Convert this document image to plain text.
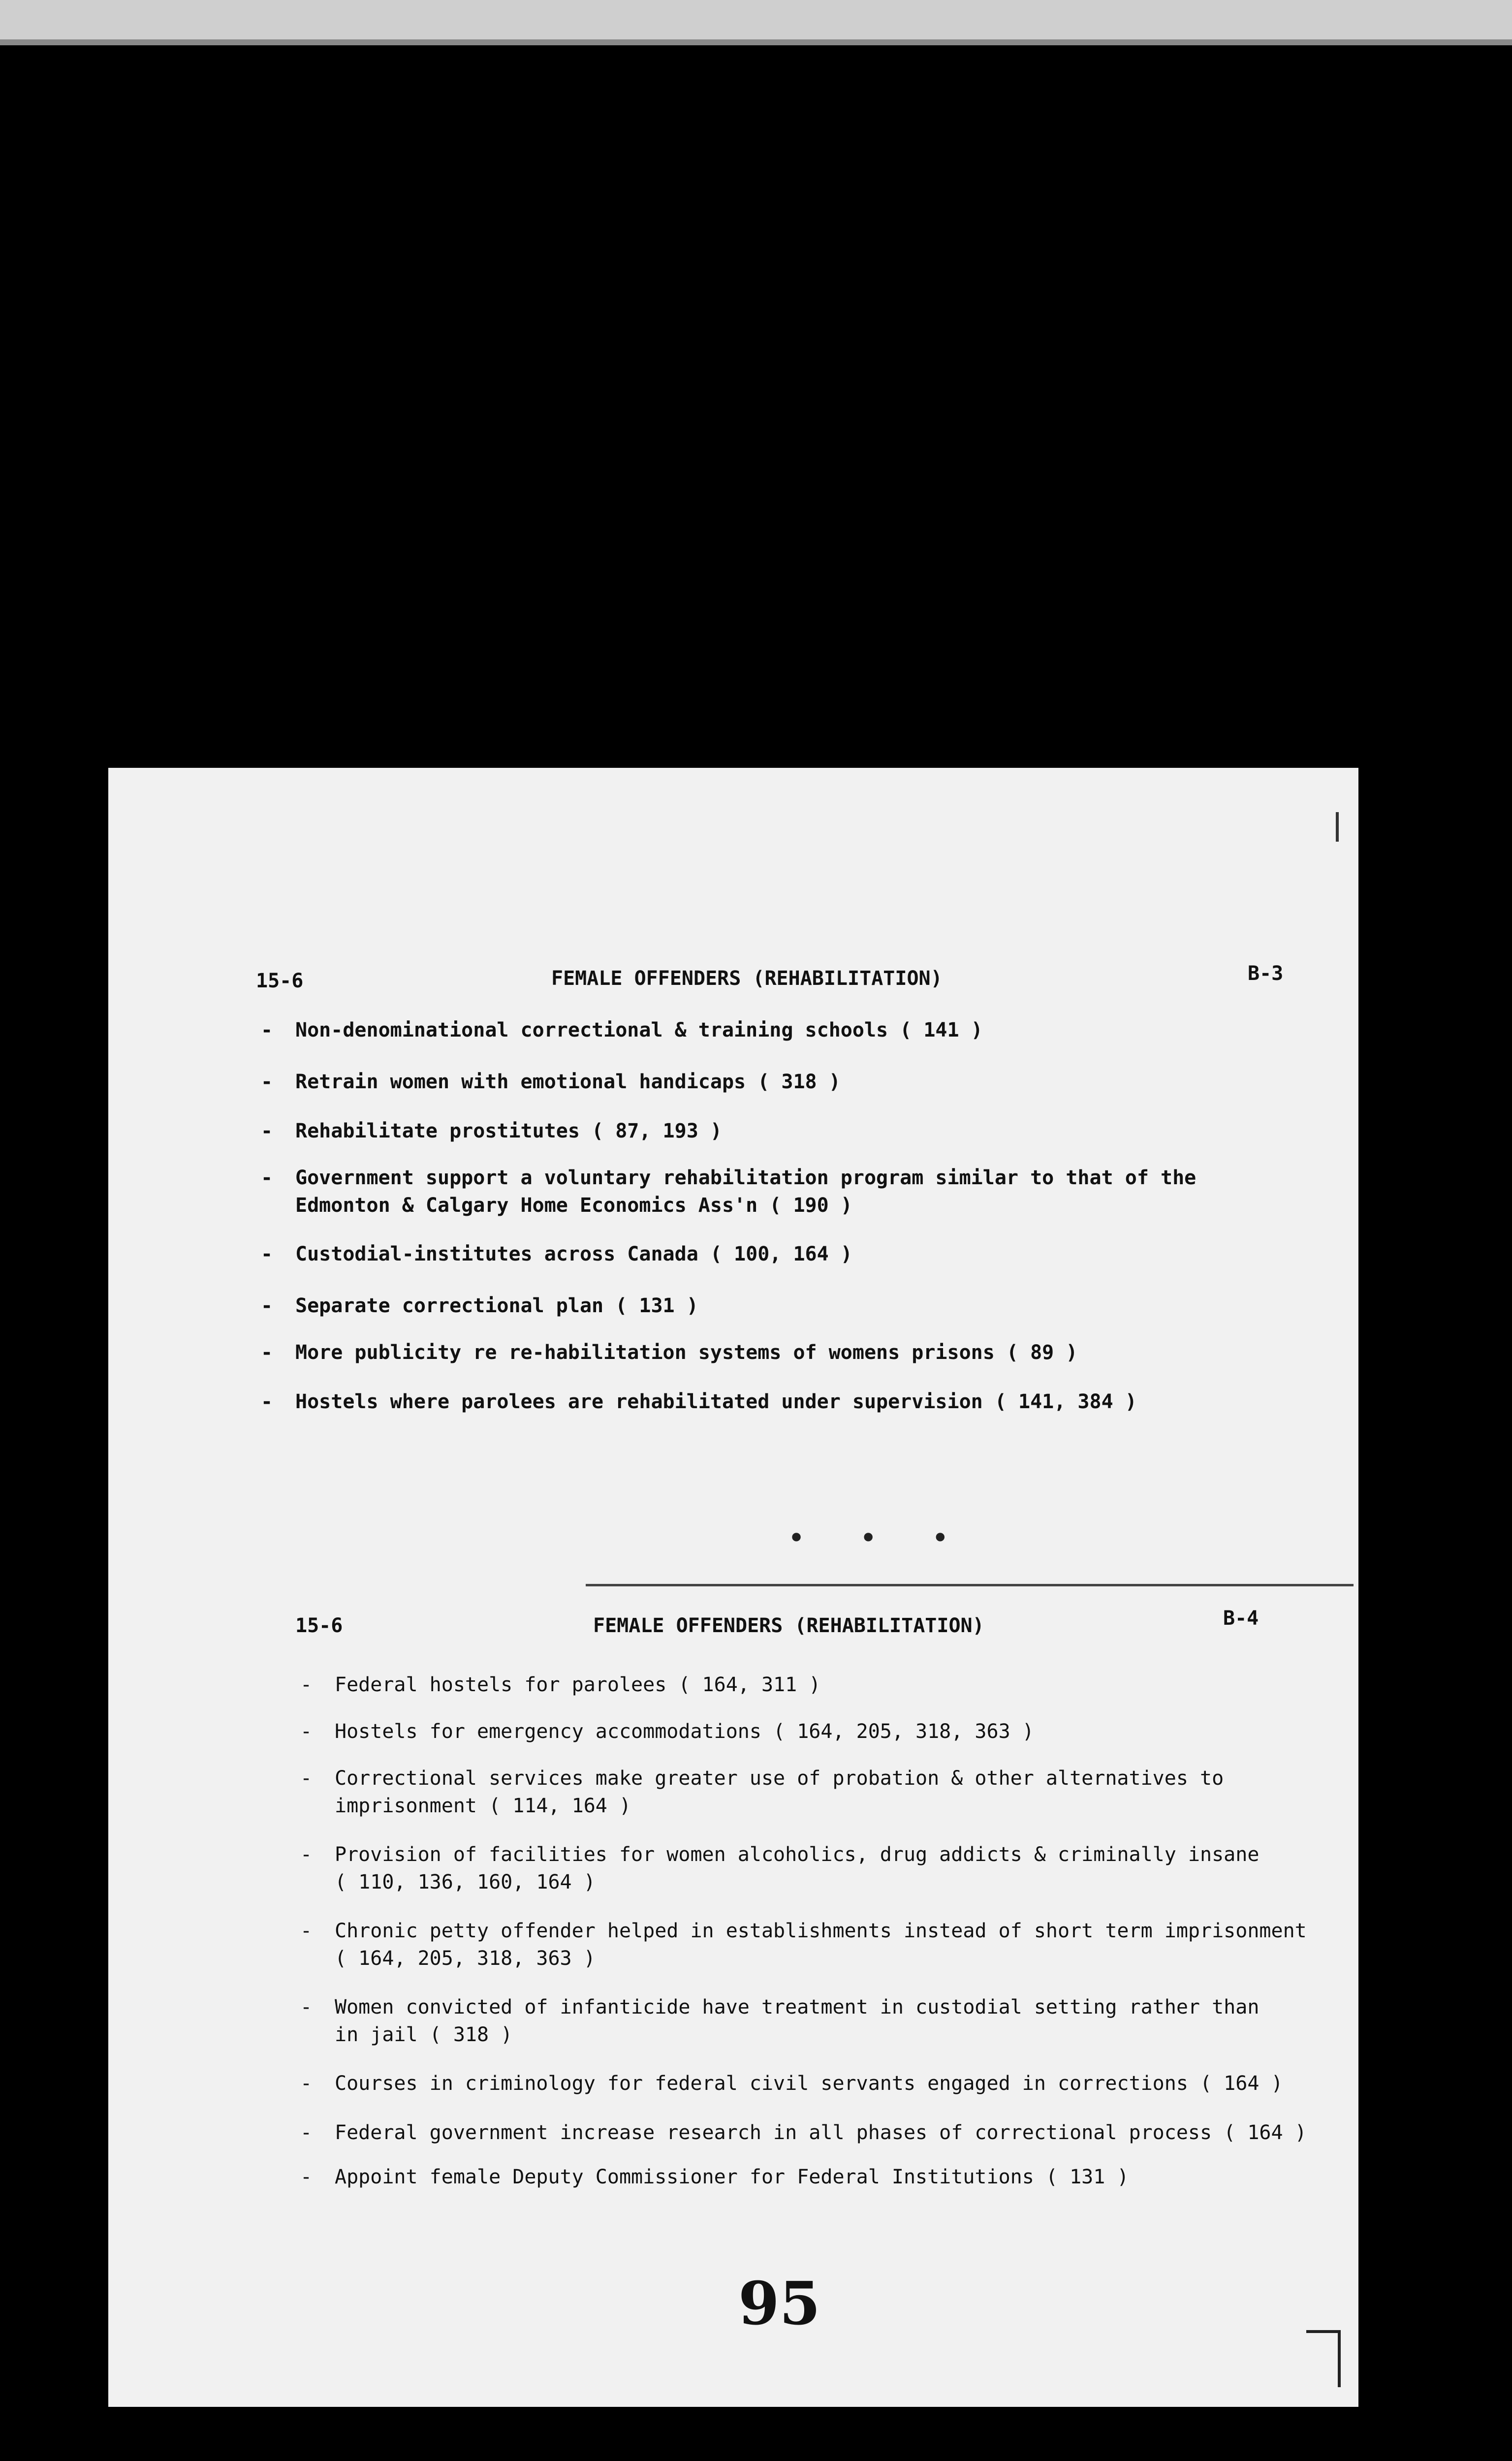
15-6	FEMALE OFFENDERS (REHABILITATION)	B-3
- Non-denominational correctional & training schools ( 141 )
- Retrain women with emotional handicaps ( 318 )
- Rehabilitate prostitutes ( 87, 193 )
- Government support a voluntary rehabilitation program similar to that of the
Edmonton & Calgary Home Economics Ass'n ( 190 )
- Custodial-institutes across Canada ( 100, 164 )
- Separate correctional plan ( 131 )
- More publicity re re-habilitation systems of womens prisons ( 89 )
- Hostels where parolees are rehabilitated under supervision ( 141, 384 )
•••
15-6	FEMALE OFFENDERS (REHABILITATION)	B-4
- Federal hostels for parolees ( 164, 311 )
- Hostels for emergency accommodations ( 164, 205, 318, 363 )
- Correctional services make greater use of probation & other alternatives to
imprisonment ( 114, 164 )
- Provision of facilities for women alcoholics, drug addicts & criminally insane
( 110, 136, 160, 164 )
- Chronic petty offender helped in establishments instead of short term imprisonment
( 164, 205, 318, 363 )
- Women convicted of infanticide have treatment in custodial setting rather than
in jail ( 318 )
- Courses in criminology for federal civil servants engaged in corrections ( 164 )
- Federal government increase research in all phases of correctional process ( 164 )
- Appoint female Deputy Commissioner for Federal Institutions ( 131 )
95
